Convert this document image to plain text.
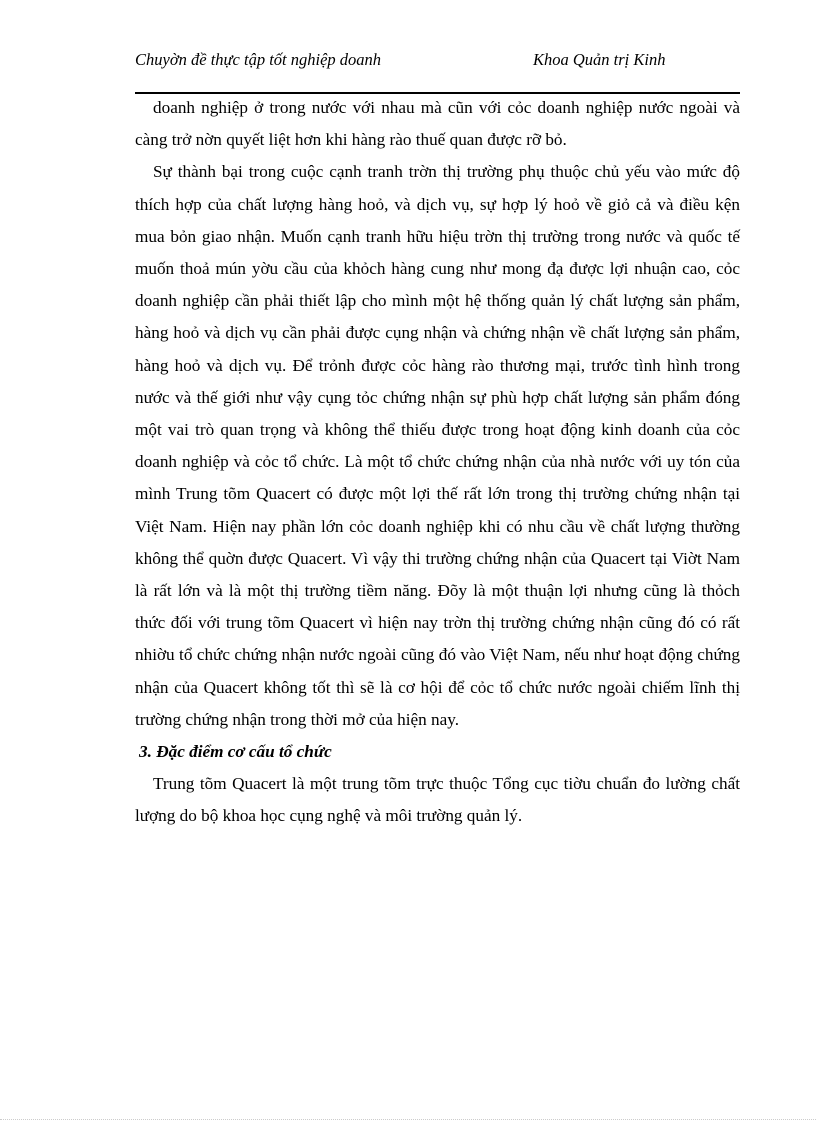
Chuyờn đề thực tập tốt nghiệp doanh	Khoa Quản trị Kinh

doanh nghiệp ở trong nước với nhau mà cũn với cỏc doanh nghiệp nước ngoài và càng trở nờn quyết liệt hơn khi hàng rào thuế quan được rỡ bỏ.

Sự thành bại trong cuộc cạnh tranh trờn thị trường phụ thuộc chủ yếu vào mức độ thích hợp của chất lượng hàng hoỏ, và dịch vụ, sự hợp lý hoỏ về giỏ cả và điều kện mua bỏn giao nhận. Muốn cạnh tranh hữu hiệu trờn thị trường trong nước và quốc tế muốn thoả mún yờu cầu của khỏch hàng cung như mong đạ được lợi nhuận cao, cỏc doanh nghiệp cần phải thiết lập cho mình một hệ thống quản lý chất lượng sản phẩm, hàng hoỏ và dịch vụ cần phải được cụng nhận và chứng nhận về chất lượng sản phẩm, hàng hoỏ và dịch vụ. Để trỏnh được cỏc hàng rào thương mại, trước tình hình trong nước và thế giới như vậy cụng tỏc chứng nhận sự phù hợp chất lượng sản phẩm đóng một vai trò quan trọng và không thể thiếu được trong hoạt động kinh doanh của cỏc doanh nghiệp và cỏc tổ chức. Là một tổ chức chứng nhận của nhà nước với uy tón của mình Trung tõm Quacert có được một lợi thế rất lớn trong thị trường chứng nhận tại Việt Nam. Hiện nay phần lớn cỏc doanh nghiệp khi có nhu cầu về chất lượng thường không thể quờn được Quacert. Vì vậy thi trường chứng nhận của Quacert tại Viờt Nam là rất lớn và là một thị trường tiềm năng. Đõy là một thuận lợi nhưng cũng là thỏch thức đối với trung tõm Quacert vì hiện nay trờn thị trường chứng nhận cũng đó có rất nhiờu tổ chức chứng nhận nước ngoài cũng đó vào Việt Nam, nếu như hoạt động chứng nhận của Quacert không tốt thì sẽ là cơ hội để cỏc tổ chức nước ngoài chiếm lĩnh thị trường chứng nhận trong thời mở của hiện nay.

3. Đặc điểm cơ cấu tổ chức

Trung tõm Quacert là một trung tõm trực thuộc Tổng cục tiờu chuẩn đo lường chất lượng do bộ khoa học cụng nghệ và môi trường quản lý.
